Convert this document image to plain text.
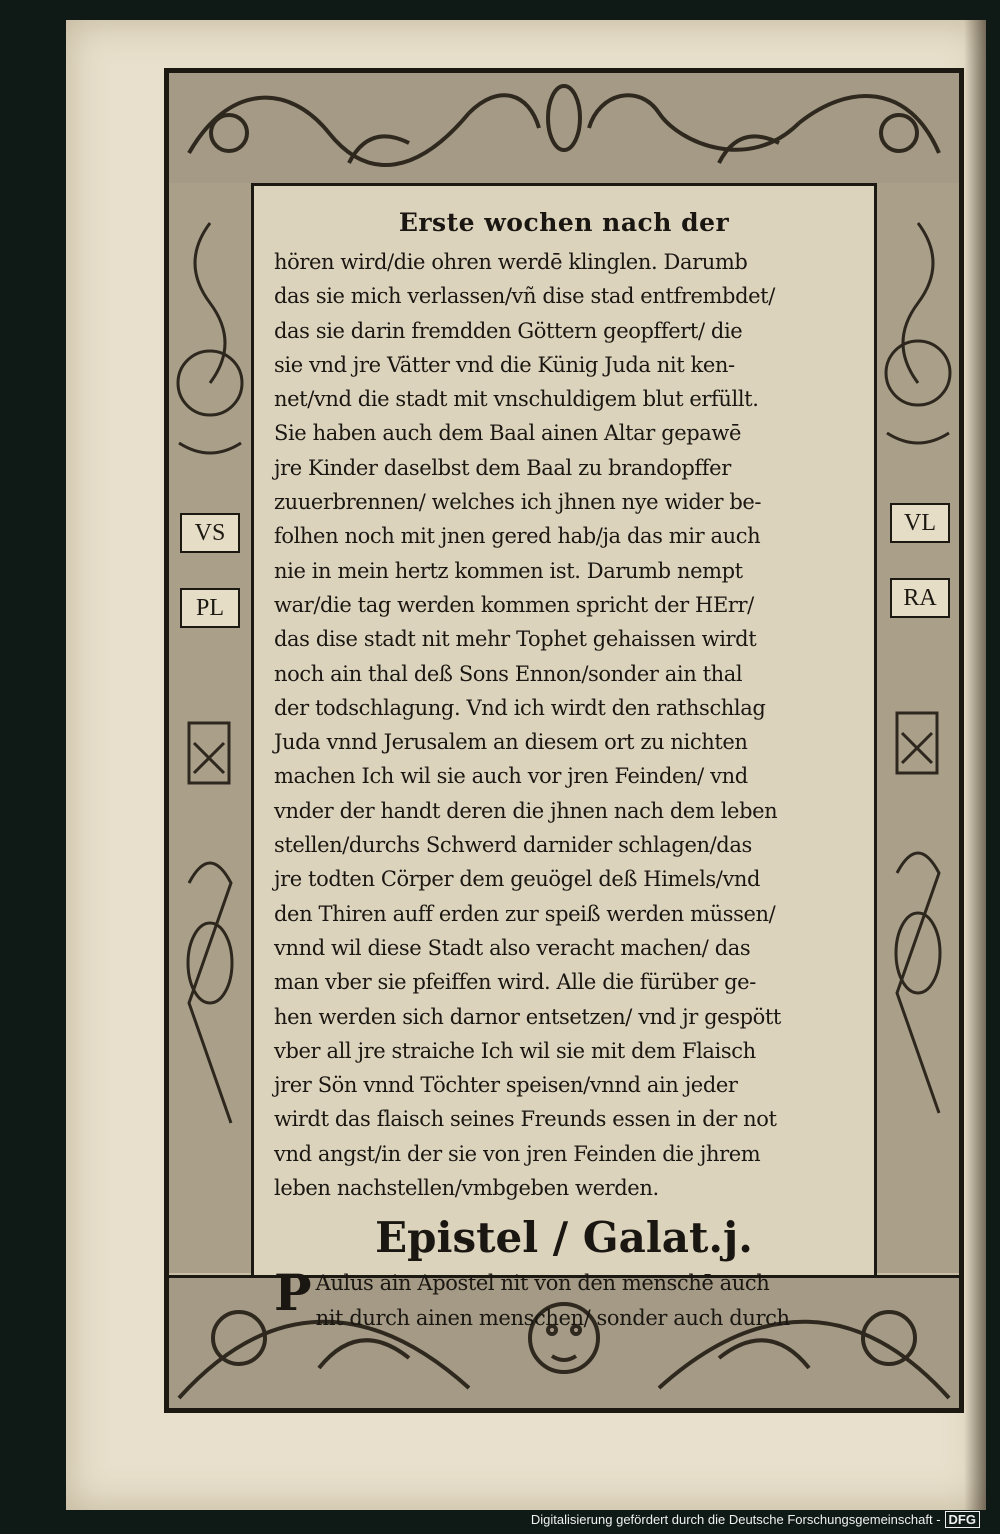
VS
PL
VL
RA
Erste wochen nach der
hören wird/die ohren werdē klinglen. Darumb
das sie mich verlassen/vñ dise stad entfrembdet/
das sie darin fremdden Göttern geopffert/ die
sie vnd jre Vätter vnd die Künig Juda nit ken-
net/vnd die stadt mit vnschuldigem blut erfüllt.
Sie haben auch dem Baal ainen Altar gepawē
jre Kinder daselbst dem Baal zu brandopffer
zuuerbrennen/ welches ich jhnen nye wider be-
folhen noch mit jnen gered hab/ja das mir auch
nie in mein hertz kommen ist. Darumb nempt
war/die tag werden kommen spricht der HErr/
das dise stadt nit mehr Tophet gehaissen wirdt
noch ain thal deß Sons Ennon/sonder ain thal
der todschlagung. Vnd ich wirdt den rathschlag
Juda vnnd Jerusalem an diesem ort zu nichten
machen Ich wil sie auch vor jren Feinden/ vnd
vnder der handt deren die jhnen nach dem leben
stellen/durchs Schwerd darnider schlagen/das
jre todten Cörper dem geuögel deß Himels/vnd
den Thiren auff erden zur speiß werden müssen/
vnnd wil diese Stadt also veracht machen/ das
man vber sie pfeiffen wird. Alle die fürüber ge-
hen werden sich darnor entsetzen/ vnd jr gespött
vber all jre straiche Ich wil sie mit dem Flaisch
jrer Sön vnnd Töchter speisen/vnnd ain jeder
wirdt das flaisch seines Freunds essen in der not
vnd angst/in der sie von jren Feinden die jhrem
leben nachstellen/vmbgeben werden.
Epistel / Galat.j.
P Aulus ain Apostel nit von den menschē auch
nit durch ainen menschen/ sonder auch durch
Digitalisierung gefördert durch die Deutsche Forschungsgemeinschaft - DFG
